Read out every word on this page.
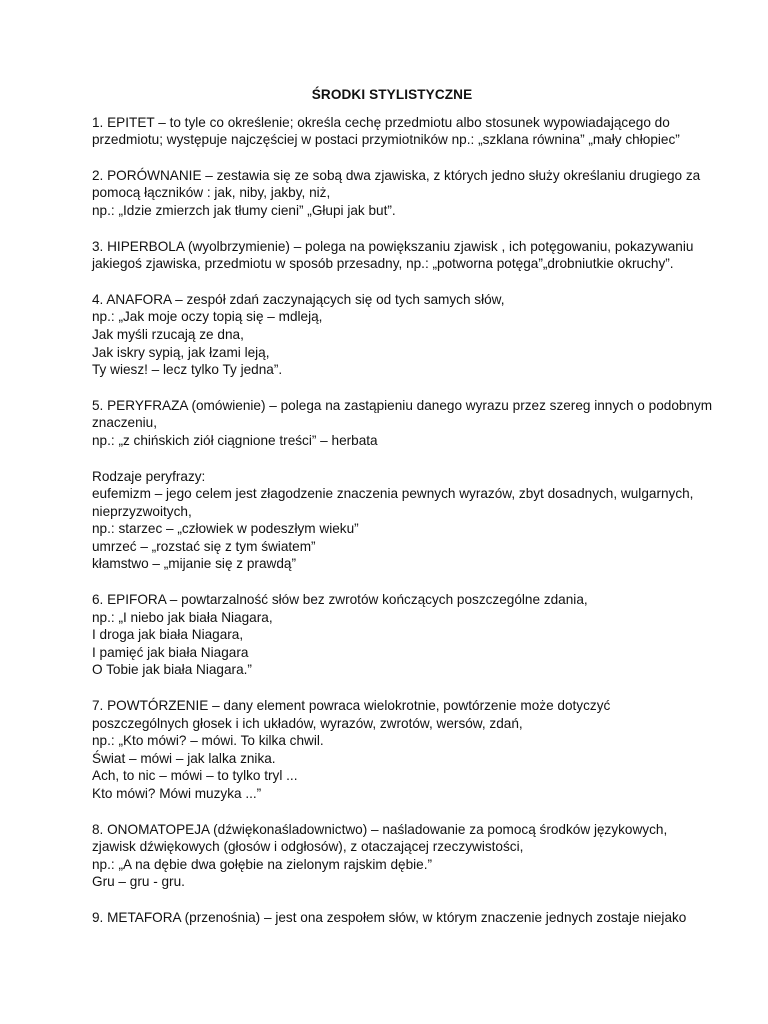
ŚRODKI STYLISTYCZNE
1. EPITET – to tyle co określenie; określa cechę przedmiotu albo stosunek wypowiadającego do
przedmiotu; występuje najczęściej w postaci przymiotników np.: „szklana równina” „mały chłopiec”
2. PORÓWNANIE – zestawia się ze sobą dwa zjawiska, z których jedno służy określaniu drugiego za
pomocą łączników : jak, niby, jakby, niż,
np.: „Idzie zmierzch jak tłumy cieni” „Głupi jak but”.
3. HIPERBOLA (wyolbrzymienie) – polega na powiększaniu zjawisk , ich potęgowaniu, pokazywaniu
jakiegoś zjawiska, przedmiotu w sposób przesadny, np.: „potworna potęga”„drobniutkie okruchy”.
4. ANAFORA – zespół zdań zaczynających się od tych samych słów,
np.: „Jak moje oczy topią się – mdleją,
Jak myśli rzucają ze dna,
Jak iskry sypią, jak łzami leją,
Ty wiesz! – lecz tylko Ty jedna”.
5. PERYFRAZA (omówienie) – polega na zastąpieniu danego wyrazu przez szereg innych o podobnym
znaczeniu,
np.: „z chińskich ziół ciągnione treści” – herbata
Rodzaje peryfrazy:
eufemizm – jego celem jest złagodzenie znaczenia pewnych wyrazów, zbyt dosadnych, wulgarnych,
nieprzyzwoitych,
np.: starzec – „człowiek w podeszłym wieku”
umrzeć – „rozstać się z tym światem”
kłamstwo – „mijanie się z prawdą”
6. EPIFORA – powtarzalność słów bez zwrotów kończących poszczególne zdania,
np.: „I niebo jak biała Niagara,
I droga jak biała Niagara,
I pamięć jak biała Niagara
O Tobie jak biała Niagara.”
7. POWTÓRZENIE – dany element powraca wielokrotnie, powtórzenie może dotyczyć
poszczególnych głosek i ich układów, wyrazów, zwrotów, wersów, zdań,
np.: „Kto mówi? – mówi. To kilka chwil.
Świat – mówi – jak lalka znika.
Ach, to nic – mówi – to tylko tryl ...
Kto mówi? Mówi muzyka ...”
8. ONOMATOPEJA (dźwiękonaśladownictwo) – naśladowanie za pomocą środków językowych,
zjawisk dźwiękowych (głosów i odgłosów), z otaczającej rzeczywistości,
np.: „A na dębie dwa gołębie na zielonym rajskim dębie.”
Gru – gru - gru.
9. METAFORA (przenośnia) – jest ona zespołem słów, w którym znaczenie jednych zostaje niejako
